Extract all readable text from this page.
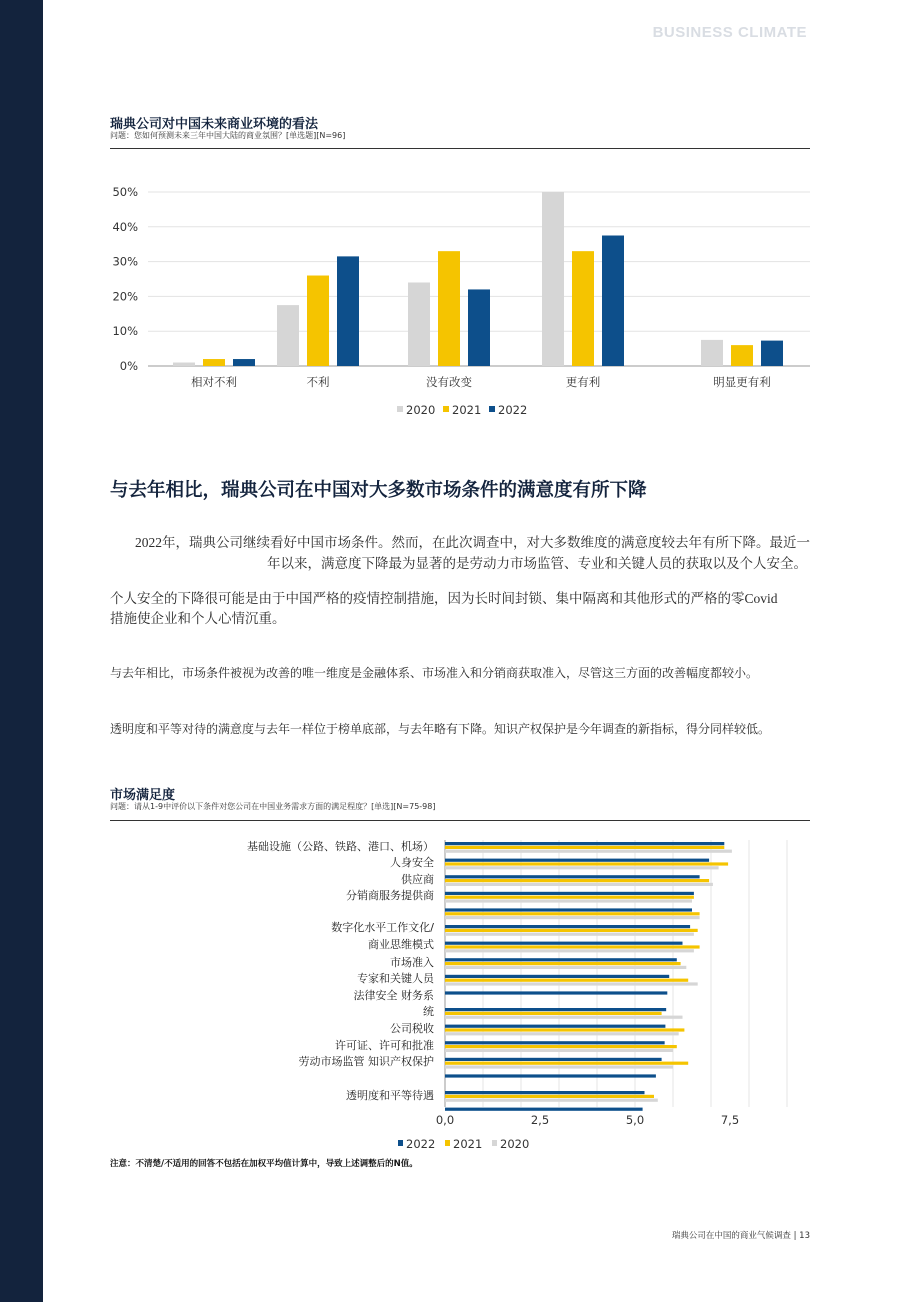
BUSINESS CLIMATE
瑞典公司对中国未来商业环境的看法
问题：您如何预测未来三年中国大陆的商业氛围？[单选题][N=96]
0%
10%
20%
30%
40%
50%
相对不利	不利	没有改变	更有利	明显更有利
2020 2021 2022
与去年相比，瑞典公司在中国对大多数市场条件的满意度有所下降
2022年，瑞典公司继续看好中国市场条件。然而，在此次调查中，对大多数维度的满意度较去年有所下降。最近一
年以来，满意度下降最为显著的是劳动力市场监管、专业和关键人员的获取以及个人安全。
个人安全的下降很可能是由于中国严格的疫情控制措施，因为长时间封锁、集中隔离和其他形式的严格的零Covid
措施使企业和个人心情沉重。
与去年相比，市场条件被视为改善的唯一维度是金融体系、市场准入和分销商获取准入，尽管这三方面的改善幅度都较小。
透明度和平等对待的满意度与去年一样位于榜单底部，与去年略有下降。知识产权保护是今年调查的新指标，得分同样较低。
市场满足度
问题：请从1-9中评价以下条件对您公司在中国业务需求方面的满足程度？[单选][N=75-98]
0,0	2,5	5,0	7,5
基础设施（公路、铁路、港口、机场）
人身安全
供应商
分销商服务提供商
数字化水平工作文化/
商业思维模式
市场准入
专家和关键人员
法律安全 财务系
统
公司税收
许可证、许可和批准
劳动市场监管 知识产权保护
透明度和平等待遇
2022 2021 2020
注意：不清楚/不适用的回答不包括在加权平均值计算中，导致上述调整后的N值。
瑞典公司在中国的商业气候调查 | 13
